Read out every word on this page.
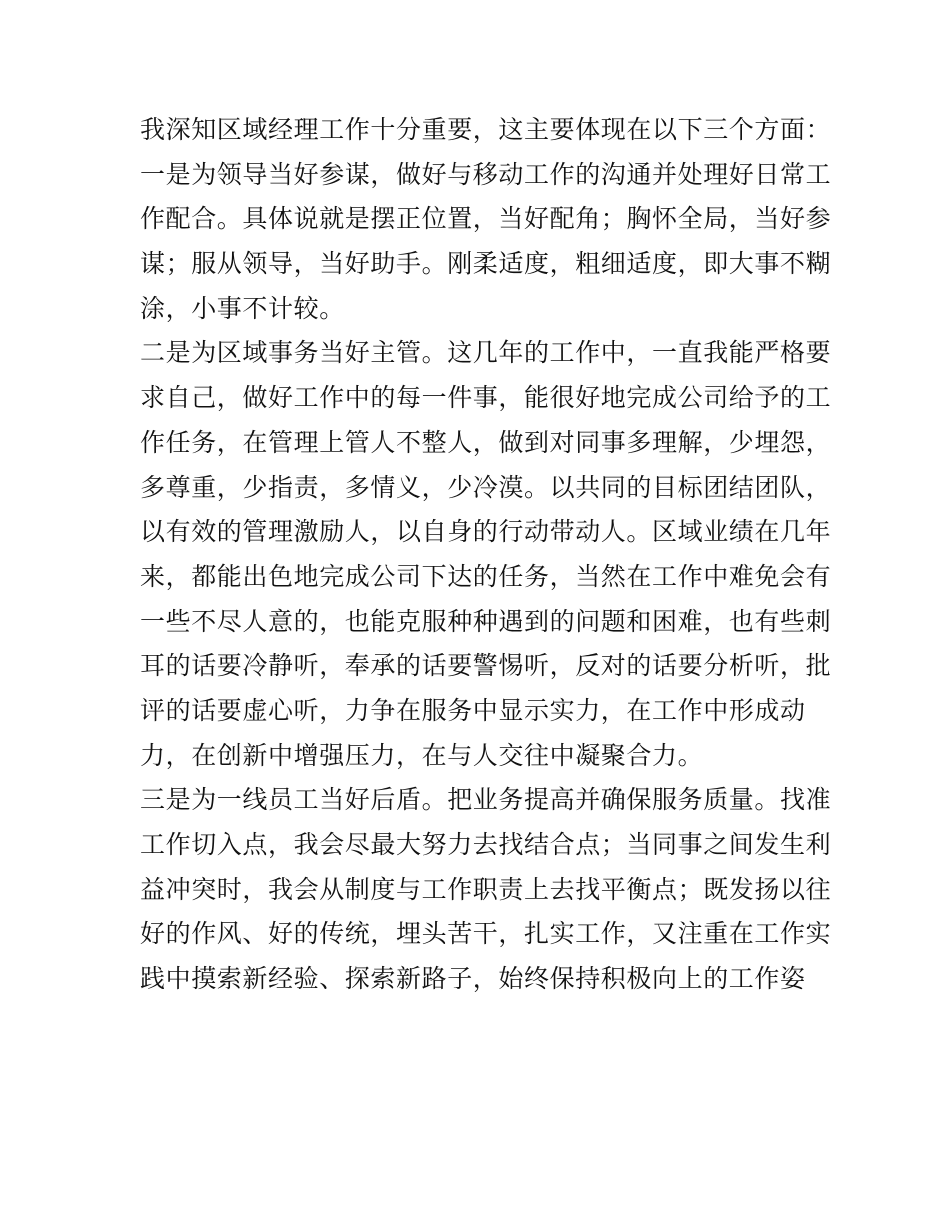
我深知区域经理工作十分重要，这主要体现在以下三个方面：
一是为领导当好参谋，做好与移动工作的沟通并处理好日常工
作配合。具体说就是摆正位置，当好配角；胸怀全局，当好参
谋；服从领导，当好助手。刚柔适度，粗细适度，即大事不糊
涂，小事不计较。
二是为区域事务当好主管。这几年的工作中，一直我能严格要
求自己，做好工作中的每一件事，能很好地完成公司给予的工
作任务，在管理上管人不整人，做到对同事多理解，少埋怨，
多尊重，少指责，多情义，少冷漠。以共同的目标团结团队，
以有效的管理激励人，以自身的行动带动人。区域业绩在几年
来，都能出色地完成公司下达的任务，当然在工作中难免会有
一些不尽人意的，也能克服种种遇到的问题和困难，也有些刺
耳的话要冷静听，奉承的话要警惕听，反对的话要分析听，批
评的话要虚心听，力争在服务中显示实力，在工作中形成动
力，在创新中增强压力，在与人交往中凝聚合力。
三是为一线员工当好后盾。把业务提高并确保服务质量。找准
工作切入点，我会尽最大努力去找结合点；当同事之间发生利
益冲突时，我会从制度与工作职责上去找平衡点；既发扬以往
好的作风、好的传统，埋头苦干，扎实工作，又注重在工作实
践中摸索新经验、探索新路子，始终保持积极向上的工作姿
